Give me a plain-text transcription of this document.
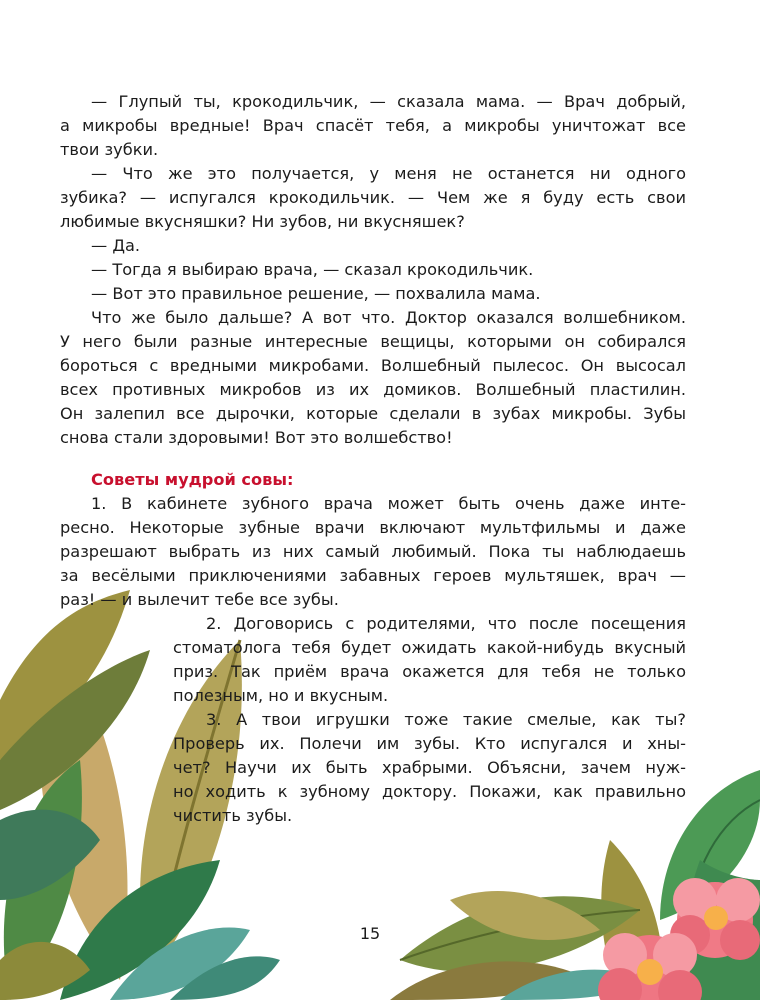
— Глупый ты, крокодильчик, — сказала мама. — Врач добрый,

а микробы вредные! Врач спасёт тебя, а микробы уничтожат все

твои зубки.

— Что же это получается, у меня не останется ни одного

зубика? — испугался крокодильчик. — Чем же я буду есть свои

любимые вкусняшки? Ни зубов, ни вкусняшек?

— Да.

— Тогда я выбираю врача, — сказал крокодильчик.

— Вот это правильное решение, — похвалила мама.

Что же было дальше? А вот что. Доктор оказался волшебником.

У него были разные интересные вещицы, которыми он собирался

бороться с вредными микробами. Волшебный пылесос. Он высосал

всех противных микробов из их домиков. Волшебный пластилин.

Он залепил все дырочки, которые сделали в зубах микробы. Зубы

снова стали здоровыми! Вот это волшебство!

Советы мудрой совы:

1. В кабинете зубного врача может быть очень даже инте-

ресно. Некоторые зубные врачи включают мультфильмы и даже

разрешают выбрать из них самый любимый. Пока ты наблюдаешь

за весёлыми приключениями забавных героев мультяшек, врач —

раз! — и вылечит тебе все зубы.

2. Договорись с родителями, что после посещения

стоматолога тебя будет ожидать какой-нибудь вкусный

приз. Так приём врача окажется для тебя не только

полезным, но и вкусным.

3. А твои игрушки тоже такие смелые, как ты?

Проверь их. Полечи им зубы. Кто испугался и хны-

чет? Научи их быть храбрыми. Объясни, зачем нуж-

но ходить к зубному доктору. Покажи, как правильно

чистить зубы.

15
